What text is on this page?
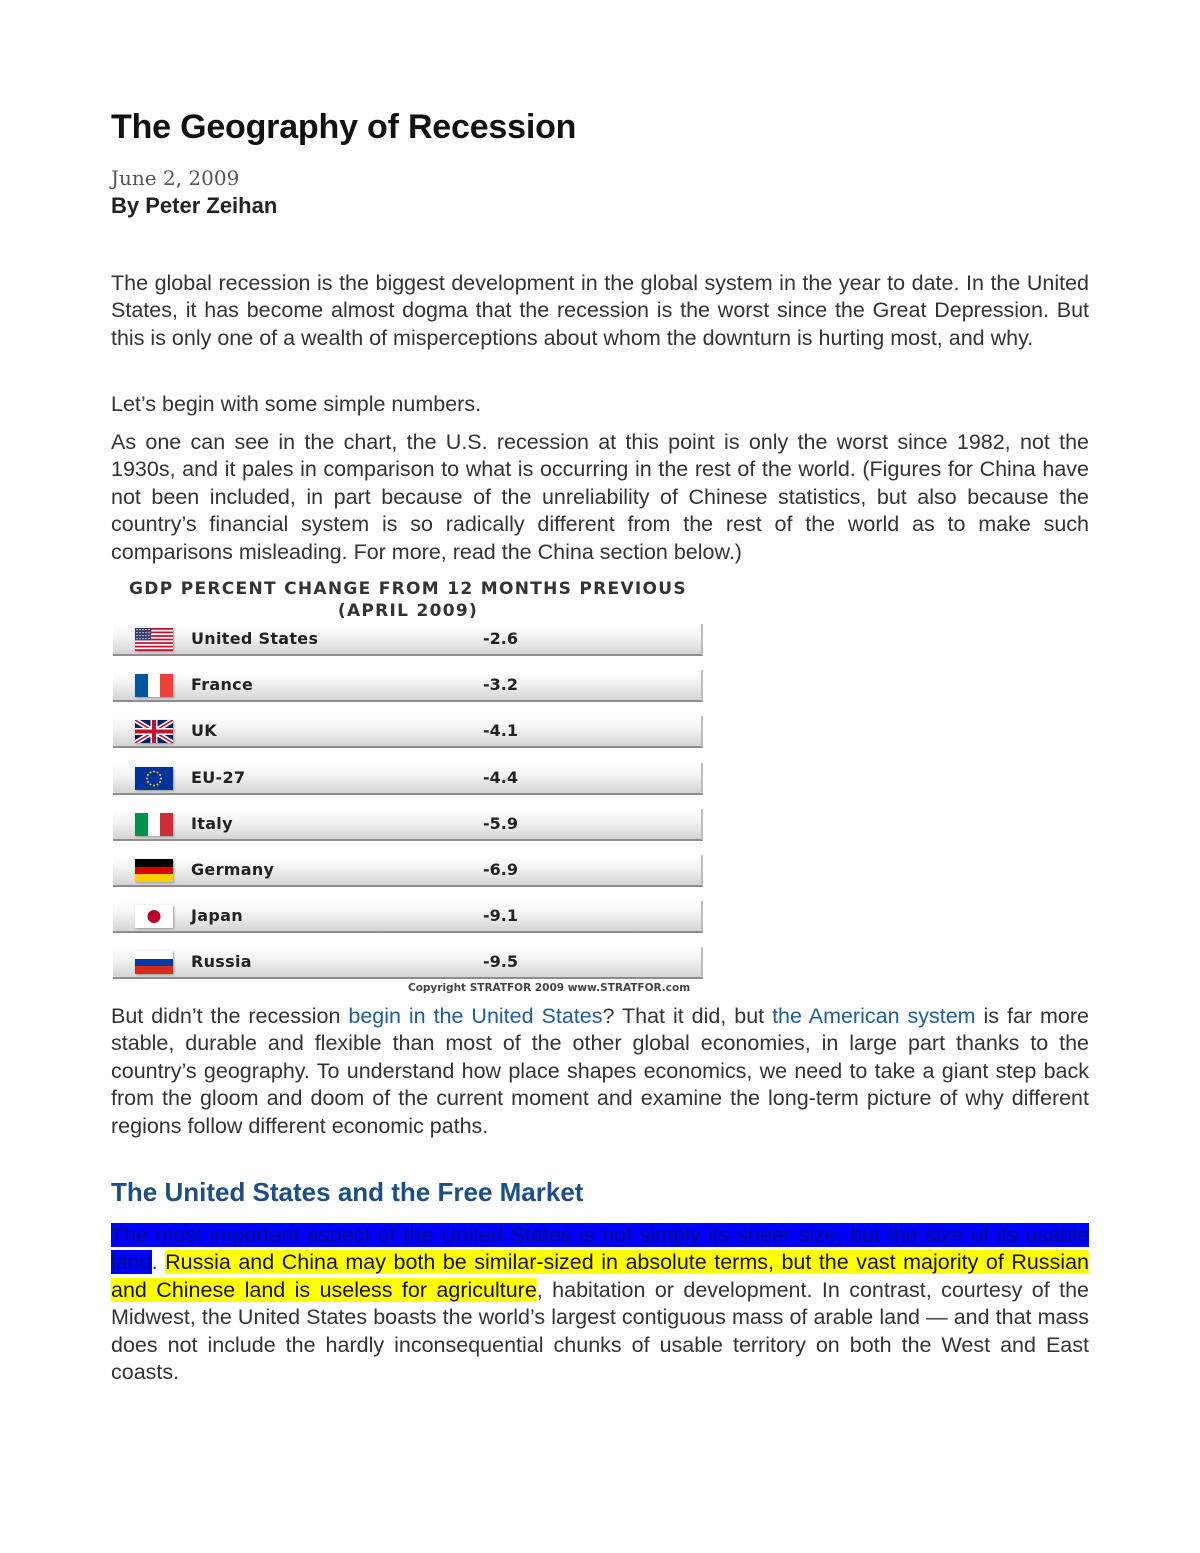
The Geography of Recession
June 2, 2009
By Peter Zeihan

The global recession is the biggest development in the global system in the year to date. In the United States, it has become almost dogma that the recession is the worst since the Great Depression. But this is only one of a wealth of misperceptions about whom the downturn is hurting most, and why.

Let’s begin with some simple numbers.

As one can see in the chart, the U.S. recession at this point is only the worst since 1982, not the 1930s, and it pales in comparison to what is occurring in the rest of the world. (Figures for China have not been included, in part because of the unreliability of Chinese statistics, but also because the country’s financial system is so radically different from the rest of the world as to make such comparisons misleading. For more, read the China section below.)

GDP PERCENT CHANGE FROM 12 MONTHS PREVIOUS
(APRIL 2009)
United States	-2.6
France	-3.2
UK	-4.1
EU-27	-4.4
Italy	-5.9
Germany	-6.9
Japan	-9.1
Russia	-9.5
Copyright STRATFOR 2009 www.STRATFOR.com

But didn’t the recession begin in the United States? That it did, but the American system is far more stable, durable and flexible than most of the other global economies, in large part thanks to the country’s geography. To understand how place shapes economics, we need to take a giant step back from the gloom and doom of the current moment and examine the long-term picture of why different regions follow different economic paths.

The United States and the Free Market

The most important aspect of the United States is not simply its sheer size, but the size of its usable land. Russia and China may both be similar-sized in absolute terms, but the vast majority of Russian and Chinese land is useless for agriculture, habitation or development. In contrast, courtesy of the Midwest, the United States boasts the world’s largest contiguous mass of arable land — and that mass does not include the hardly inconsequential chunks of usable territory on both the West and East coasts.
